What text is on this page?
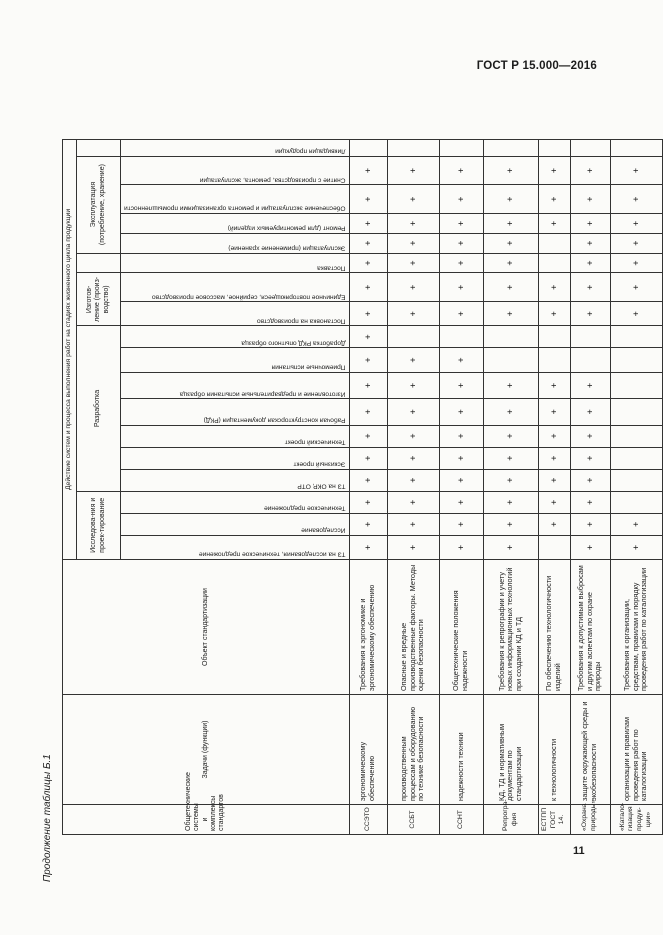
ГОСТ Р 15.000—2016
Продолжение таблицы Б.1	11
Общетехнические системы и комплексы стандартов	Задачи (функции)	Объект стандартизации	Действие систем и процесса выполнения работ на стадиях жизненного цикла продукции																	
			Исследова-ния и проек-тирование			Разработка							Изготов-ление (произ-водство)			Эксплуатация (потребление, хранение)				
			ТЗ на исследования, техническое предложение	Исследование	Техническое предложение	ТЗ на ОКР, ОТР	Эскизный проект	Технический проект	Рабочая конструкторская документация (РКД)	Изготовление и предварительные испытания образца	Приемочные испытания	Доработка РКД опытного образца	Постановка на производство	Единичное повторяющееся, серийное, массовое производство	Поставка	Эксплуатация (применение хранение)	Ремонт (для ремонтируемых изделий)	Обеспечение эксплуатации и ремонта организациями промышленности	Снятие с производства, ремонта, эксплуатации	Ликвидация продукции
ССЭТО	эргономическому обеспечению	Требования к эргономике и эргономическому обеспечению	+	+	+	+	+	+	+	+	+	+	+	+	+	+	+	+	+	
ССБТ	производственным процессам и оборудованию по технике безопасности	Опасные и вредные производственные факторы. Методы оценки безопасности	+	+	+	+	+	+	+	+	+		+	+	+	+	+	+	+	
ССНТ	надежности техники	Общетехнические положения надежности	+	+	+	+	+	+	+	+	+		+	+	+	+	+	+	+	
Репрогра-фия	КД, ТД и нормативным документам по стандартизации	Требования к репрографии и учету новых информационных технологий при создании КД и ТД	+	+	+	+	+	+	+	+			+	+	+	+	+	+	+	
ЕСТПП ГОСТ 14.	к технологичности	По обеспечению технологичности изделий		+	+	+	+	+	+	+			+	+			+	+	+	
«Охрана природы»	защите окружающей среды и экобезопасности	Требования к допустимым выбросам и другим аспектам по охране природы	+	+	+	+	+	+	+	+			+	+	+	+	+	+	+	
«Катало-гизация продук-ции»	организации и правилам проведения работ по каталогизации	Требования к организации, средствам, правилам и порядку проведения работ по каталогизации	+	+									+	+	+	+	+	+	+	
